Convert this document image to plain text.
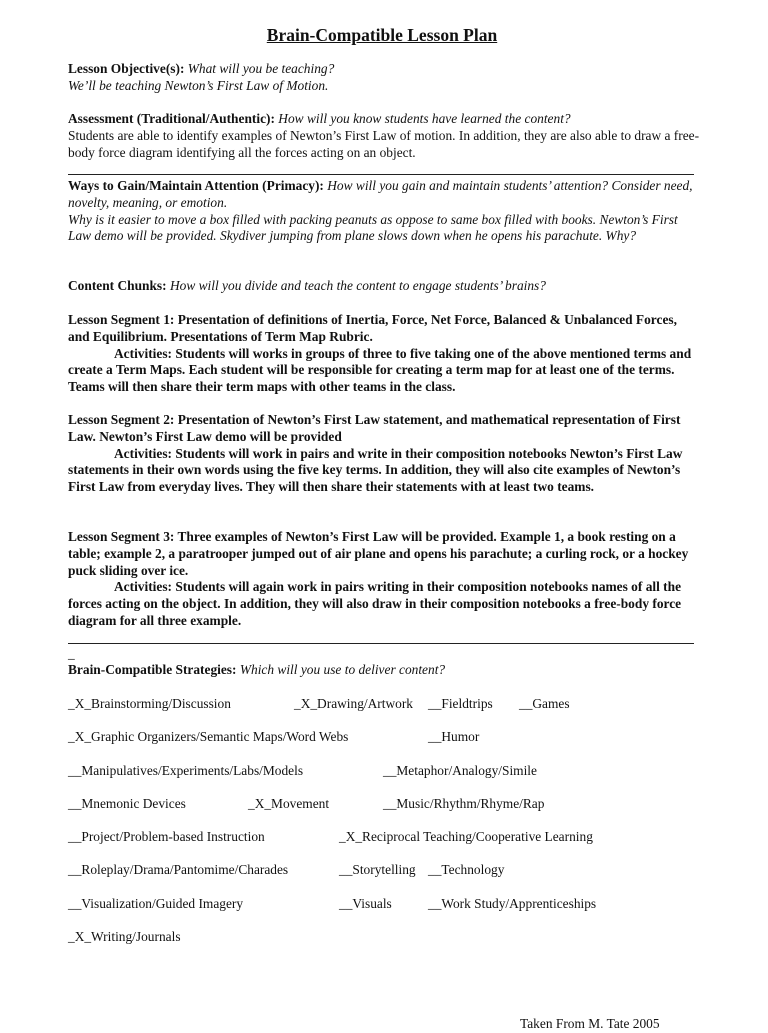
Brain-Compatible Lesson Plan
Lesson Objective(s): What will you be teaching?
We’ll be teaching Newton’s First Law of Motion.
Assessment (Traditional/Authentic): How will you know students have learned the content?
Students are able to identify examples of Newton’s First Law of motion. In addition, they are also able to draw a free-body force diagram identifying all the forces acting on an object.
Ways to Gain/Maintain Attention (Primacy): How will you gain and maintain students’ attention? Consider need, novelty, meaning, or emotion.
Why is it easier to move a box filled with packing peanuts as oppose to same box filled with books. Newton’s First Law demo will be provided. Skydiver jumping from plane slows down when he opens his parachute. Why?
Content Chunks: How will you divide and teach the content to engage students’ brains?
Lesson Segment 1: Presentation of definitions of Inertia, Force, Net Force, Balanced & Unbalanced Forces, and Equilibrium. Presentations of Term Map Rubric.
Activities: Students will works in groups of three to five taking one of the above mentioned terms and create a Term Maps. Each student will be responsible for creating a term map for at least one of the terms. Teams will then share their term maps with other teams in the class.
Lesson Segment 2: Presentation of Newton’s First Law statement, and mathematical representation of First Law. Newton’s First Law demo will be provided
Activities: Students will work in pairs and write in their composition notebooks Newton’s First Law statements in their own words using the five key terms. In addition, they will also cite examples of Newton’s First Law from everyday lives. They will then share their statements with at least two teams.
Lesson Segment 3: Three examples of Newton’s First Law will be provided. Example 1, a book resting on a table; example 2, a paratrooper jumped out of air plane and opens his parachute; a curling rock, or a hockey puck sliding over ice.
Activities: Students will again work in pairs writing in their composition notebooks names of all the forces acting on the object. In addition, they will also draw in their composition notebooks a free-body force diagram for all three example.
_
Brain-Compatible Strategies: Which will you use to deliver content?
_X_Brainstorming/Discussion	_X_Drawing/Artwork __Fieldtrips __Games
_X_Graphic Organizers/Semantic Maps/Word Webs	__Humor
__Manipulatives/Experiments/Labs/Models	__Metaphor/Analogy/Simile
__Mnemonic Devices	_X_Movement	__Music/Rhythm/Rhyme/Rap
__Project/Problem-based Instruction	_X_Reciprocal Teaching/Cooperative Learning
__Roleplay/Drama/Pantomime/Charades	__Storytelling __Technology
__Visualization/Guided Imagery	__Visuals	__Work Study/Apprenticeships
_X_Writing/Journals
Taken From M. Tate 2005
